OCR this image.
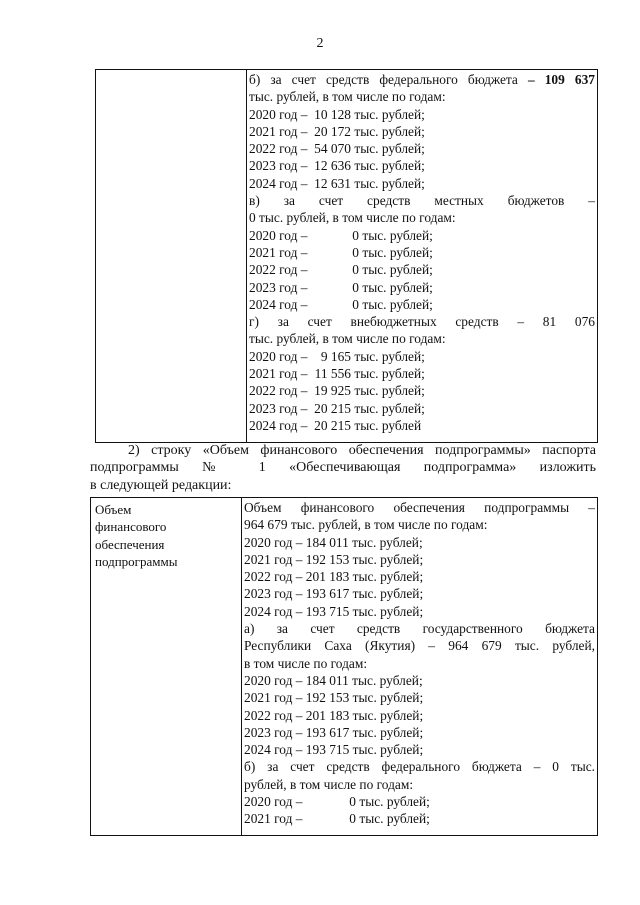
2

б) за счет средств федерального бюджета – 109 637
тыс. рублей, в том числе по годам:
2020 год – 10 128 тыс. рублей;
2021 год – 20 172 тыс. рублей;
2022 год – 54 070 тыс. рублей;
2023 год – 12 636 тыс. рублей;
2024 год – 12 631 тыс. рублей;
в) за счет средств местных бюджетов –
0 тыс. рублей, в том числе по годам:
2020 год –	0 тыс. рублей;
2021 год –	0 тыс. рублей;
2022 год –	0 тыс. рублей;
2023 год –	0 тыс. рублей;
2024 год –	0 тыс. рублей;
г) за счет внебюджетных средств – 81 076
тыс. рублей, в том числе по годам:
2020 год – 9 165 тыс. рублей;
2021 год – 11 556 тыс. рублей;
2022 год – 19 925 тыс. рублей;
2023 год – 20 215 тыс. рублей;
2024 год – 20 215 тыс. рублей
2) строку «Объем финансового обеспечения подпрограммы» паспорта
подпрограммы № 1 «Обеспечивающая подпрограмма» изложить
в следующей редакции:
Объем финансового обеспечения подпрограммы

Объем финансового обеспечения подпрограммы –
964 679 тыс. рублей, в том числе по годам:
2020 год – 184 011 тыс. рублей;
2021 год – 192 153 тыс. рублей;
2022 год – 201 183 тыс. рублей;
2023 год – 193 617 тыс. рублей;
2024 год – 193 715 тыс. рублей;
а) за счет средств государственного бюджета
Республики Саха (Якутия) – 964 679 тыс. рублей,
в том числе по годам:
2020 год – 184 011 тыс. рублей;
2021 год – 192 153 тыс. рублей;
2022 год – 201 183 тыс. рублей;
2023 год – 193 617 тыс. рублей;
2024 год – 193 715 тыс. рублей;
б) за счет средств федерального бюджета – 0 тыс.
рублей, в том числе по годам:
2020 год –	0 тыс. рублей;
2021 год –	0 тыс. рублей;
